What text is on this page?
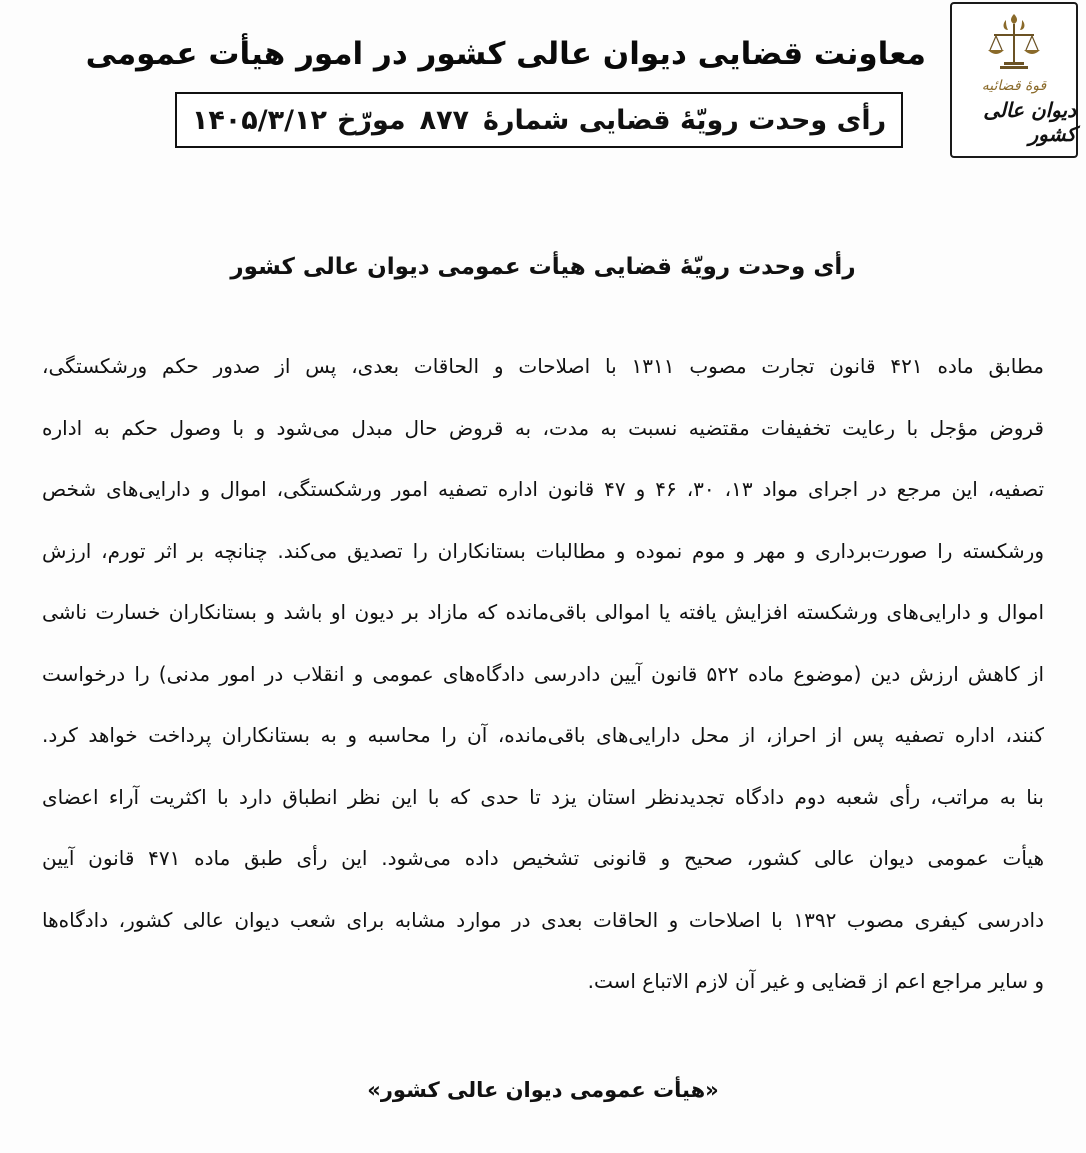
قوهٔ قضائیه
دیوان عالی کشور
معاونت قضایی دیوان عالی کشور در امور هیأت عمومی
رأی وحدت رویّهٔ قضایی شمارهٔ
۸۷۷
مورّخ
۱۴۰۵/۳/۱۲
رأی وحدت رویّهٔ قضایی هیأت عمومی دیوان عالی کشور
مطابق ماده ۴۲۱ قانون تجارت مصوب ۱۳۱۱ با اصلاحات و الحاقات بعدی، پس از صدور حکم ورشکستگی،
قروض مؤجل با رعایت تخفیفات مقتضیه نسبت به مدت، به قروض حال مبدل می‌شود و با وصول حکم به اداره
تصفیه، این مرجع در اجرای مواد ۱۳، ۳۰، ۴۶ و ۴۷ قانون اداره تصفیه امور ورشکستگی، اموال و دارایی‌های شخص
ورشکسته را صورت‌برداری و مهر و موم نموده و مطالبات بستانکاران را تصدیق می‌کند. چنانچه بر اثر تورم، ارزش
اموال و دارایی‌های ورشکسته افزایش یافته یا اموالی باقی‌مانده که مازاد بر دیون او باشد و بستانکاران خسارت ناشی
از کاهش ارزش دین (موضوع ماده ۵۲۲ قانون آیین دادرسی دادگاه‌های عمومی و انقلاب در امور مدنی) را درخواست
کنند، اداره تصفیه پس از احراز، از محل دارایی‌های باقی‌مانده، آن را محاسبه و به بستانکاران پرداخت خواهد کرد.
بنا به مراتب، رأی شعبه دوم دادگاه تجدیدنظر استان یزد تا حدی که با این نظر انطباق دارد با اکثریت آراء اعضای
هیأت عمومی دیوان عالی کشور، صحیح و قانونی تشخیص داده می‌شود. این رأی طبق ماده ۴۷۱ قانون آیین
دادرسی کیفری مصوب ۱۳۹۲ با اصلاحات و الحاقات بعدی در موارد مشابه برای شعب دیوان عالی کشور، دادگاه‌ها
و سایر مراجع اعم از قضایی و غیر آن لازم الاتباع است.
«هیأت عمومی دیوان عالی کشور»
